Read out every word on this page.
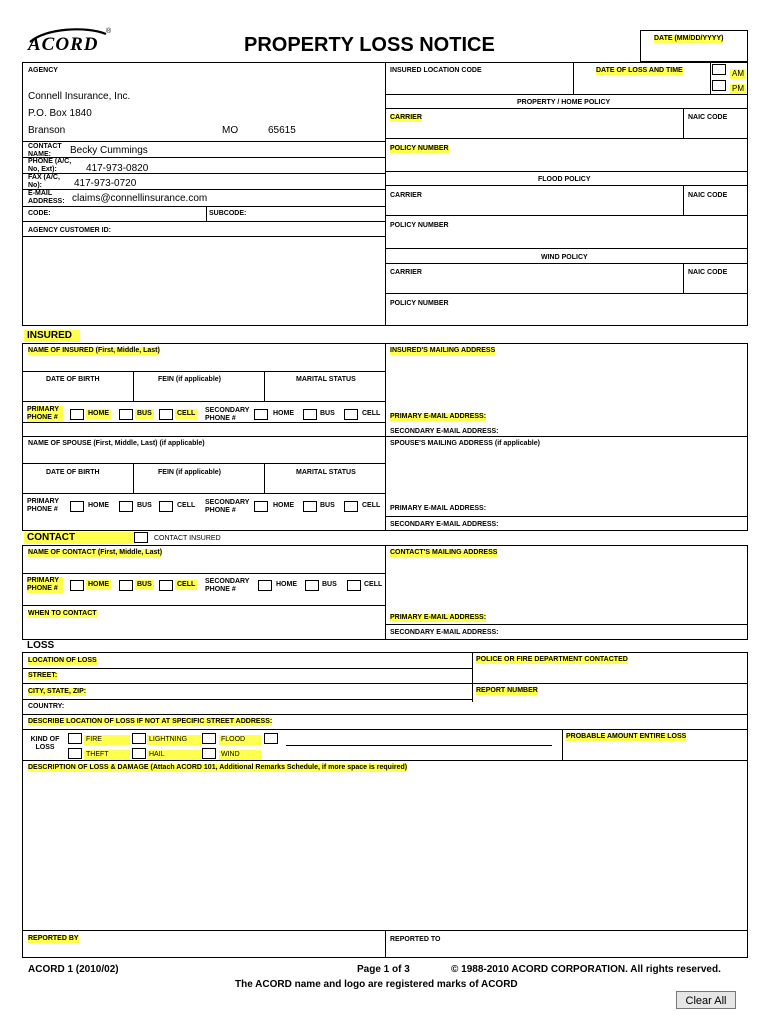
ACORD
®
PROPERTY LOSS NOTICE	DATE (MM/DD/YYYY)
AGENCY
Connell Insurance, Inc.
P.O. Box 1840
Branson	MO	65615
CONTACT NAME:	Becky Cummings
PHONE (A/C, No, Ext):	417-973-0820
FAX (A/C, No):	417-973-0720
E-MAIL ADDRESS: claims@connellinsurance.com
CODE:	SUBCODE:
AGENCY CUSTOMER ID:
INSURED LOCATION CODE	DATE OF LOSS AND TIME	AM
PM
PROPERTY / HOME POLICY
CARRIER	NAIC CODE
POLICY NUMBER
FLOOD POLICY
CARRIER	NAIC CODE
POLICY NUMBER
WIND POLICY
CARRIER	NAIC CODE
POLICY NUMBER
INSURED
NAME OF INSURED (First, Middle, Last)	INSURED'S MAILING ADDRESS
DATE OF BIRTH	FEIN (if applicable)	MARITAL STATUS
PRIMARY PHONE #
HOME	BUS	CELL SECONDARY PHONE #
HOME	BUS	CELL PRIMARY E-MAIL ADDRESS:
SECONDARY E-MAIL ADDRESS:
NAME OF SPOUSE (First, Middle, Last) (if applicable)	SPOUSE'S MAILING ADDRESS (if applicable)
DATE OF BIRTH	FEIN (if applicable)	MARITAL STATUS
PRIMARY PHONE #
HOME	BUS	CELL SECONDARY PHONE #
HOME	BUS	CELL PRIMARY E-MAIL ADDRESS:
SECONDARY E-MAIL ADDRESS:
CONTACT	CONTACT INSURED
NAME OF CONTACT (First, Middle, Last)	CONTACT'S MAILING ADDRESS
PRIMARY PHONE #
HOME	BUS	CELL SECONDARY PHONE #
HOME	BUS	CELL
WHEN TO CONTACT
PRIMARY E-MAIL ADDRESS:
SECONDARY E-MAIL ADDRESS:
LOSS
LOCATION OF LOSS	POLICE OR FIRE DEPARTMENT CONTACTED
STREET:
CITY, STATE, ZIP:	REPORT NUMBER
COUNTRY:
DESCRIBE LOCATION OF LOSS IF NOT AT SPECIFIC STREET ADDRESS:
KIND OF LOSS
FIRE
THEFT
LIGHTNING
HAIL
FLOOD
WIND
PROBABLE AMOUNT ENTIRE LOSS
DESCRIPTION OF LOSS & DAMAGE (Attach ACORD 101, Additional Remarks Schedule, if more space is required)
REPORTED BY	REPORTED TO
ACORD 1 (2010/02)	Page 1 of 3	© 1988-2010 ACORD CORPORATION. All rights reserved.
The ACORD name and logo are registered marks of ACORD
Clear All
